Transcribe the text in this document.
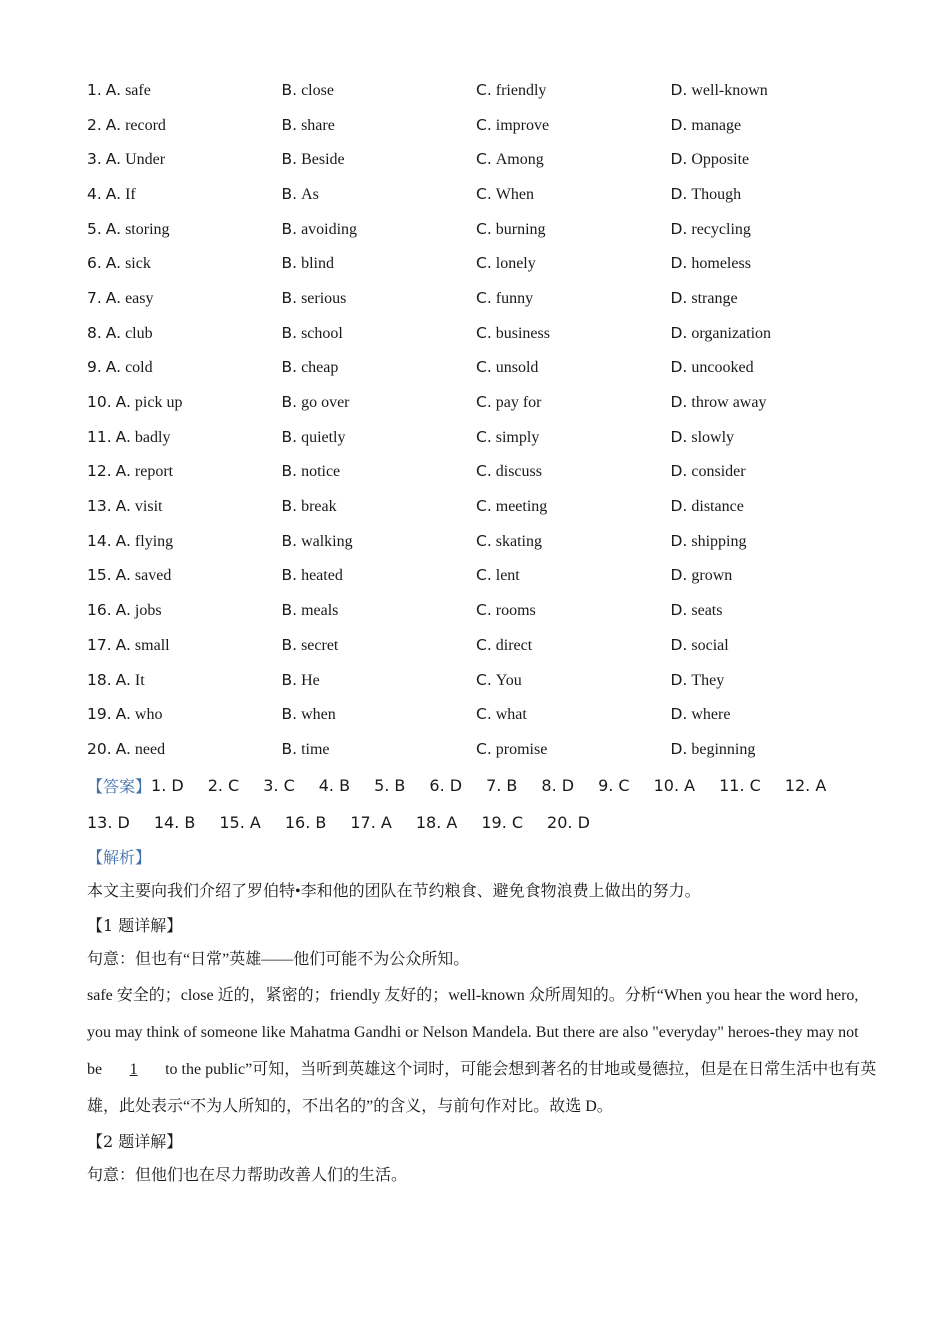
1. A. safe	B. close	C. friendly	D. well-known
2. A. record	B. share	C. improve	D. manage
3. A. Under	B. Beside	C. Among	D. Opposite
4. A. If	B. As	C. When	D. Though
5. A. storing	B. avoiding	C. burning	D. recycling
6. A. sick	B. blind	C. lonely	D. homeless
7. A. easy	B. serious	C. funny	D. strange
8. A. club	B. school	C. business	D. organization
9. A. cold	B. cheap	C. unsold	D. uncooked
10. A. pick up	B. go over	C. pay for	D. throw away
11. A. badly	B. quietly	C. simply	D. slowly
12. A. report	B. notice	C. discuss	D. consider
13. A. visit	B. break	C. meeting	D. distance
14. A. flying	B. walking	C. skating	D. shipping
15. A. saved	B. heated	C. lent	D. grown
16. A. jobs	B. meals	C. rooms	D. seats
17. A. small	B. secret	C. direct	D. social
18. A. It	B. He	C. You	D. They
19. A. who	B. when	C. what	D. where
20. A. need	B. time	C. promise	D. beginning
【答案】 1. D 2. C 3. C 4. B 5. B 6. D 7. B 8. D 9. C 10. A 11. C 12. A
13. D 14. B 15. A 16. B 17. A 18. A 19. C 20. D
【解析】
本文主要向我们介绍了罗伯特•李和他的团队在节约粮食、避免食物浪费上做出的努力。
【1 题详解】
句意：但也有“日常”英雄——他们可能不为公众所知。
safe 安全的；close 近的，紧密的；friendly 友好的；well-known 众所周知的。分析“When you hear the word hero, you may think of someone like Mahatma Gandhi or Nelson Mandela. But there are also "everyday" heroes-they may not be 1 to the public”可知，当听到英雄这个词时，可能会想到著名的甘地或曼德拉，但是在日常生活中也有英雄，此处表示“不为人所知的，不出名的”的含义，与前句作对比。故选 D。
【2 题详解】
句意：但他们也在尽力帮助改善人们的生活。
